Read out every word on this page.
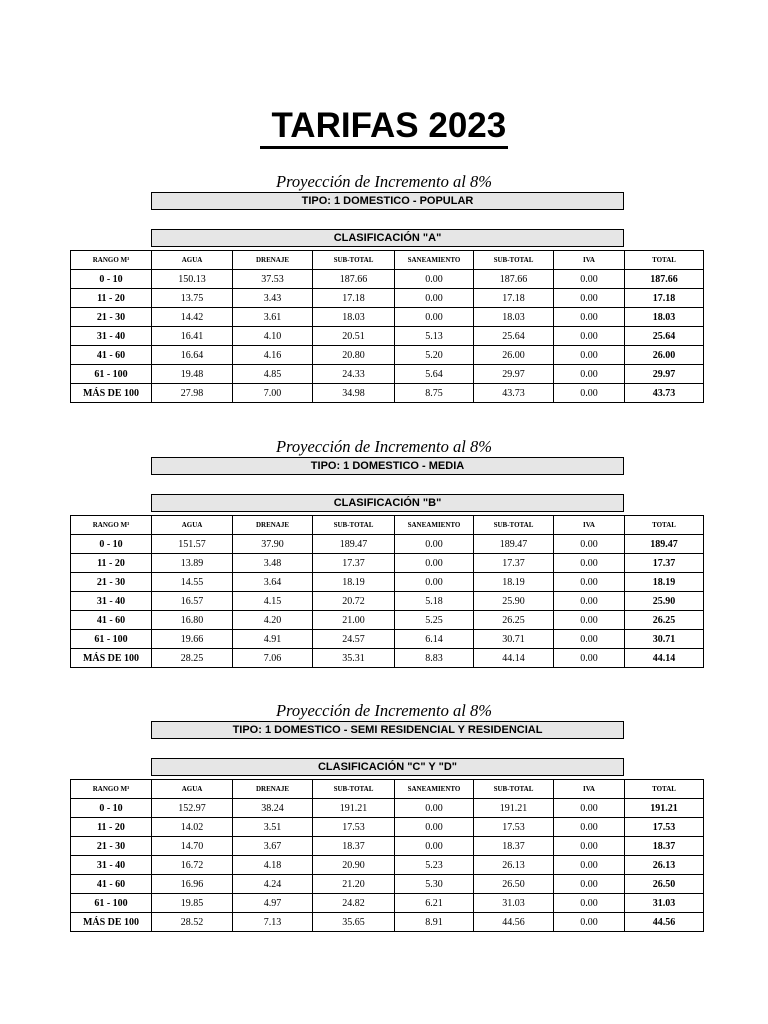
TARIFAS 2023
Proyección de Incremento al 8%
TIPO: 1 DOMESTICO - POPULAR
CLASIFICACIÓN "A"
RANGO M³	AGUA	DRENAJE	SUB-TOTAL	SANEAMIENTO	SUB-TOTAL	IVA	TOTAL
0 - 10	150.13	37.53	187.66	0.00	187.66	0.00	187.66
11 - 20	13.75	3.43	17.18	0.00	17.18	0.00	17.18
21 - 30	14.42	3.61	18.03	0.00	18.03	0.00	18.03
31 - 40	16.41	4.10	20.51	5.13	25.64	0.00	25.64
41 - 60	16.64	4.16	20.80	5.20	26.00	0.00	26.00
61 - 100	19.48	4.85	24.33	5.64	29.97	0.00	29.97
MÁS DE 100	27.98	7.00	34.98	8.75	43.73	0.00	43.73
Proyección de Incremento al 8%
TIPO: 1 DOMESTICO - MEDIA
CLASIFICACIÓN "B"
RANGO M³	AGUA	DRENAJE	SUB-TOTAL	SANEAMIENTO	SUB-TOTAL	IVA	TOTAL
0 - 10	151.57	37.90	189.47	0.00	189.47	0.00	189.47
11 - 20	13.89	3.48	17.37	0.00	17.37	0.00	17.37
21 - 30	14.55	3.64	18.19	0.00	18.19	0.00	18.19
31 - 40	16.57	4.15	20.72	5.18	25.90	0.00	25.90
41 - 60	16.80	4.20	21.00	5.25	26.25	0.00	26.25
61 - 100	19.66	4.91	24.57	6.14	30.71	0.00	30.71
MÁS DE 100	28.25	7.06	35.31	8.83	44.14	0.00	44.14
Proyección de Incremento al 8%
TIPO: 1 DOMESTICO - SEMI RESIDENCIAL Y RESIDENCIAL
CLASIFICACIÓN "C" Y "D"
RANGO M³	AGUA	DRENAJE	SUB-TOTAL	SANEAMIENTO	SUB-TOTAL	IVA	TOTAL
0 - 10	152.97	38.24	191.21	0.00	191.21	0.00	191.21
11 - 20	14.02	3.51	17.53	0.00	17.53	0.00	17.53
21 - 30	14.70	3.67	18.37	0.00	18.37	0.00	18.37
31 - 40	16.72	4.18	20.90	5.23	26.13	0.00	26.13
41 - 60	16.96	4.24	21.20	5.30	26.50	0.00	26.50
61 - 100	19.85	4.97	24.82	6.21	31.03	0.00	31.03
MÁS DE 100	28.52	7.13	35.65	8.91	44.56	0.00	44.56
